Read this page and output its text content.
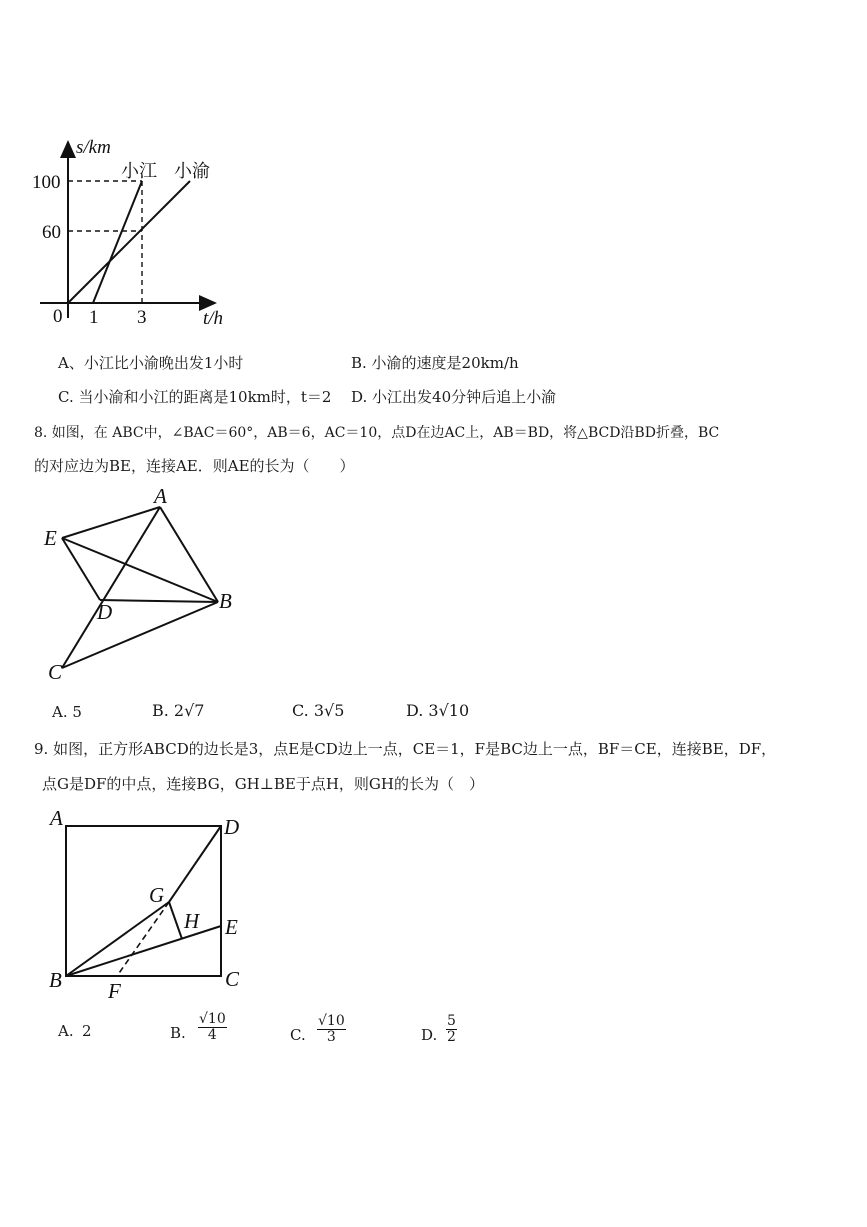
s/km
t/h
100
60
0 1 3
小江 小渝
A、小江比小渝晚出发1小时	B. 小渝的速度是20km/h
C. 当小渝和小江的距离是10km时，t＝2 D. 小江出发40分钟后追上小渝
8. 如图，在 ABC中，∠BAC＝60°，AB＝6，AC＝10，点D在边AC上，AB＝BD，将△BCD沿BD折叠，BC
的对应边为BE，连接AE．则AE的长为（　　）
A
E
D	B
C
A. 5	B. 2√7	C. 3√5	D. 3√10
9. 如图，正方形ABCD的边长是3，点E是CD边上一点，CE＝1，F是BC边上一点，BF＝CE，连接BE，DF，
点G是DF的中点，连接BG，GH⊥BE于点H，则GH的长为（　）
A	D
G
H E
B F	C
A. 2	B. $\frac{√10}{4}$	C. $\frac{√10}{3}$	D. $\frac{5}{2}$
